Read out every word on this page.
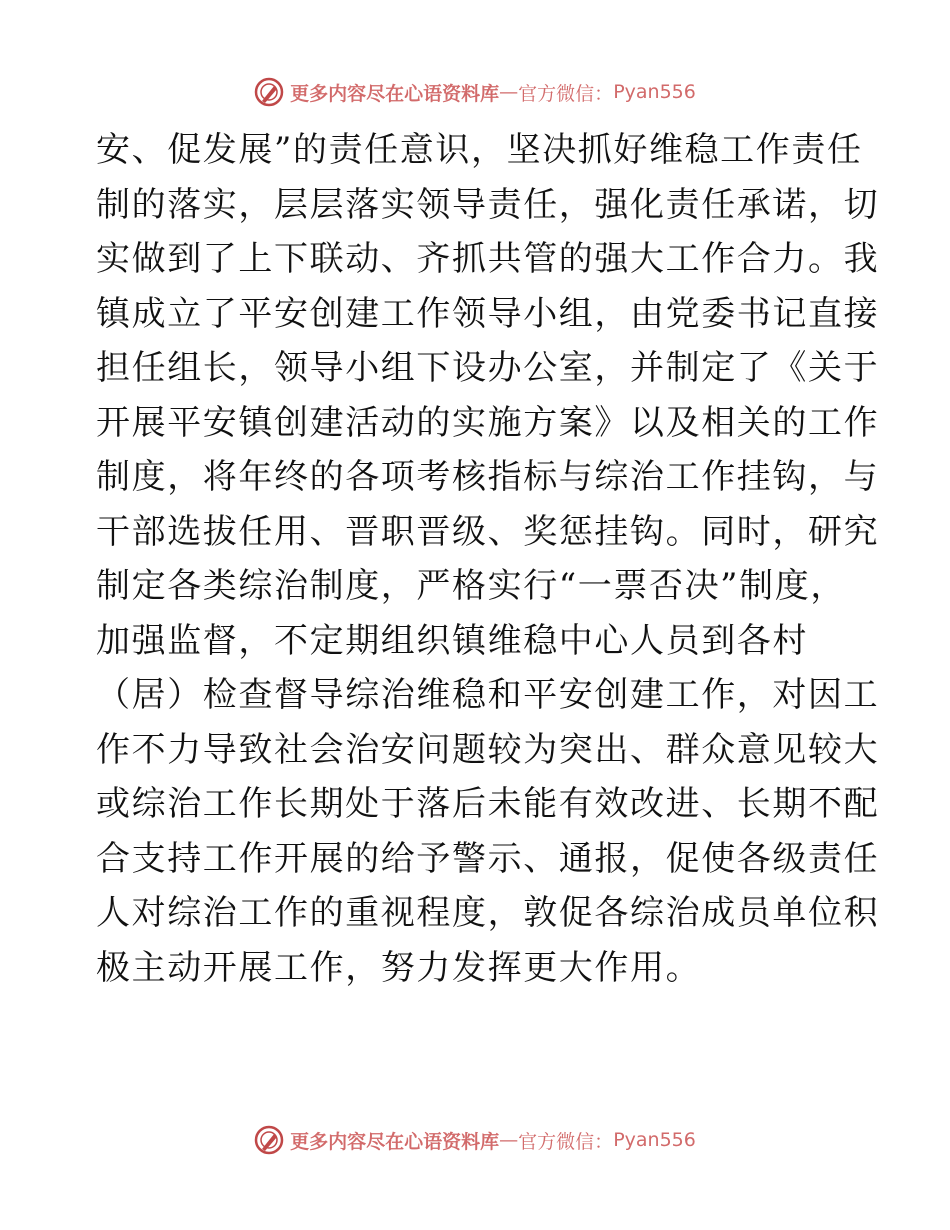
更多内容尽在心语资料库 — 官方微信： Pyan556
安、促发展”的责任意识，坚决抓好维稳工作责任
制的落实，层层落实领导责任，强化责任承诺，切
实做到了上下联动、齐抓共管的强大工作合力。我
镇成立了平安创建工作领导小组，由党委书记直接
担任组长，领导小组下设办公室，并制定了《关于
开展平安镇创建活动的实施方案》以及相关的工作
制度，将年终的各项考核指标与综治工作挂钩，与
干部选拔任用、晋职晋级、奖惩挂钩。同时，研究
制定各类综治制度，严格实行“一票否决”制度，
加强监督，不定期组织镇维稳中心人员到各村
（居）检查督导综治维稳和平安创建工作，对因工
作不力导致社会治安问题较为突出、群众意见较大
或综治工作长期处于落后未能有效改进、长期不配
合支持工作开展的给予警示、通报，促使各级责任
人对综治工作的重视程度，敦促各综治成员单位积
极主动开展工作，努力发挥更大作用。
更多内容尽在心语资料库 — 官方微信： Pyan556
